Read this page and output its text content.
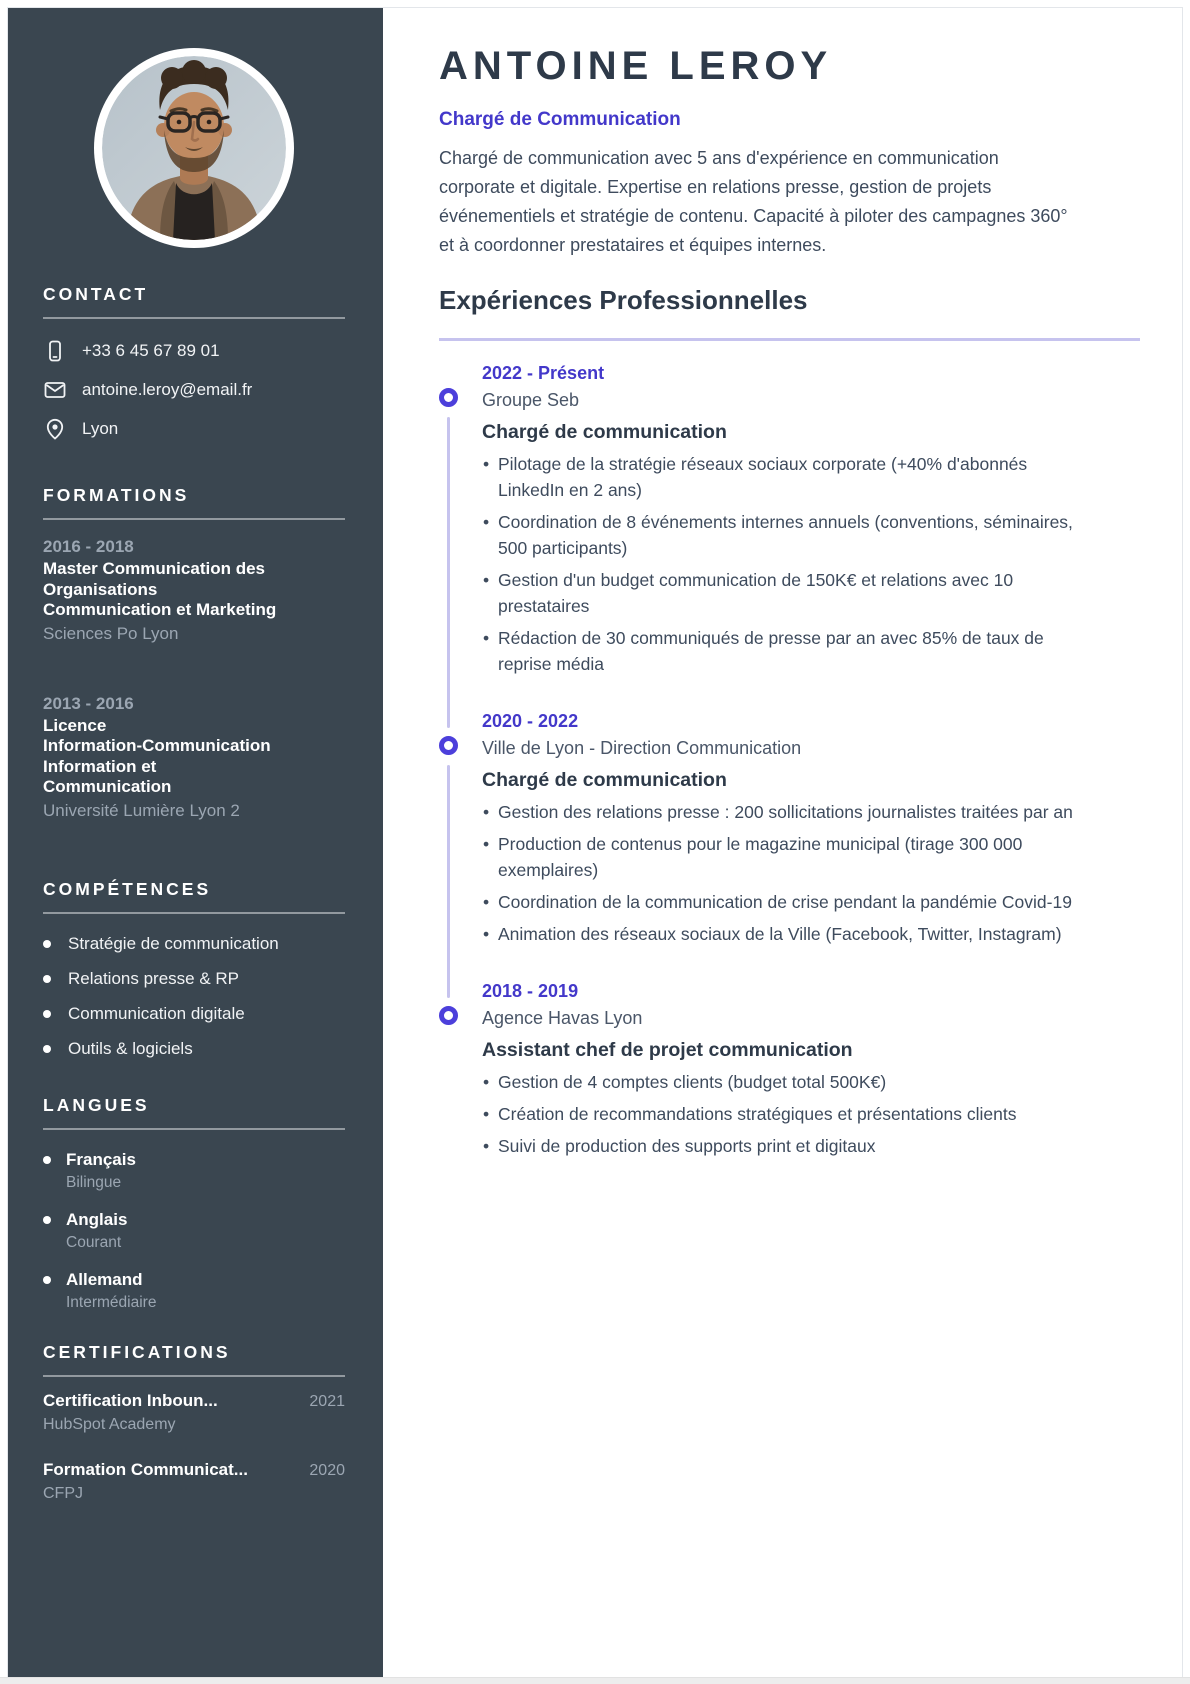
CONTACT
+33 6 45 67 89 01
antoine.leroy@email.fr
Lyon
FORMATIONS
2016 - 2018
Master Communication des
Organisations
Communication et Marketing
Sciences Po Lyon
2013 - 2016
Licence
Information-Communication
Information et
Communication
Université Lumière Lyon 2
COMPÉTENCES
Stratégie de communication
Relations presse & RP
Communication digitale
Outils & logiciels
LANGUES
Français
Bilingue
Anglais
Courant
Allemand
Intermédiaire
CERTIFICATIONS
Certification Inboun...	2021
HubSpot Academy
Formation Communicat...	2020
CFPJ
ANTOINE LEROY
Chargé de Communication

Chargé de communication avec 5 ans d'expérience en communication corporate et digitale. Expertise en relations presse, gestion de projets événementiels et stratégie de contenu. Capacité à piloter des campagnes 360° et à coordonner prestataires et équipes internes.

Expériences Professionnelles
2022 - Présent
Groupe Seb
Chargé de communication
• Pilotage de la stratégie réseaux sociaux corporate (+40% d'abonnés LinkedIn en 2 ans)
• Coordination de 8 événements internes annuels (conventions, séminaires, 500 participants)
• Gestion d'un budget communication de 150K€ et relations avec 10 prestataires
• Rédaction de 30 communiqués de presse par an avec 85% de taux de reprise média
2020 - 2022
Ville de Lyon - Direction Communication
Chargé de communication
• Gestion des relations presse : 200 sollicitations journalistes traitées par an
• Production de contenus pour le magazine municipal (tirage 300 000 exemplaires)
• Coordination de la communication de crise pendant la pandémie Covid-19
• Animation des réseaux sociaux de la Ville (Facebook, Twitter, Instagram)
2018 - 2019
Agence Havas Lyon
Assistant chef de projet communication
• Gestion de 4 comptes clients (budget total 500K€)
• Création de recommandations stratégiques et présentations clients
• Suivi de production des supports print et digitaux
